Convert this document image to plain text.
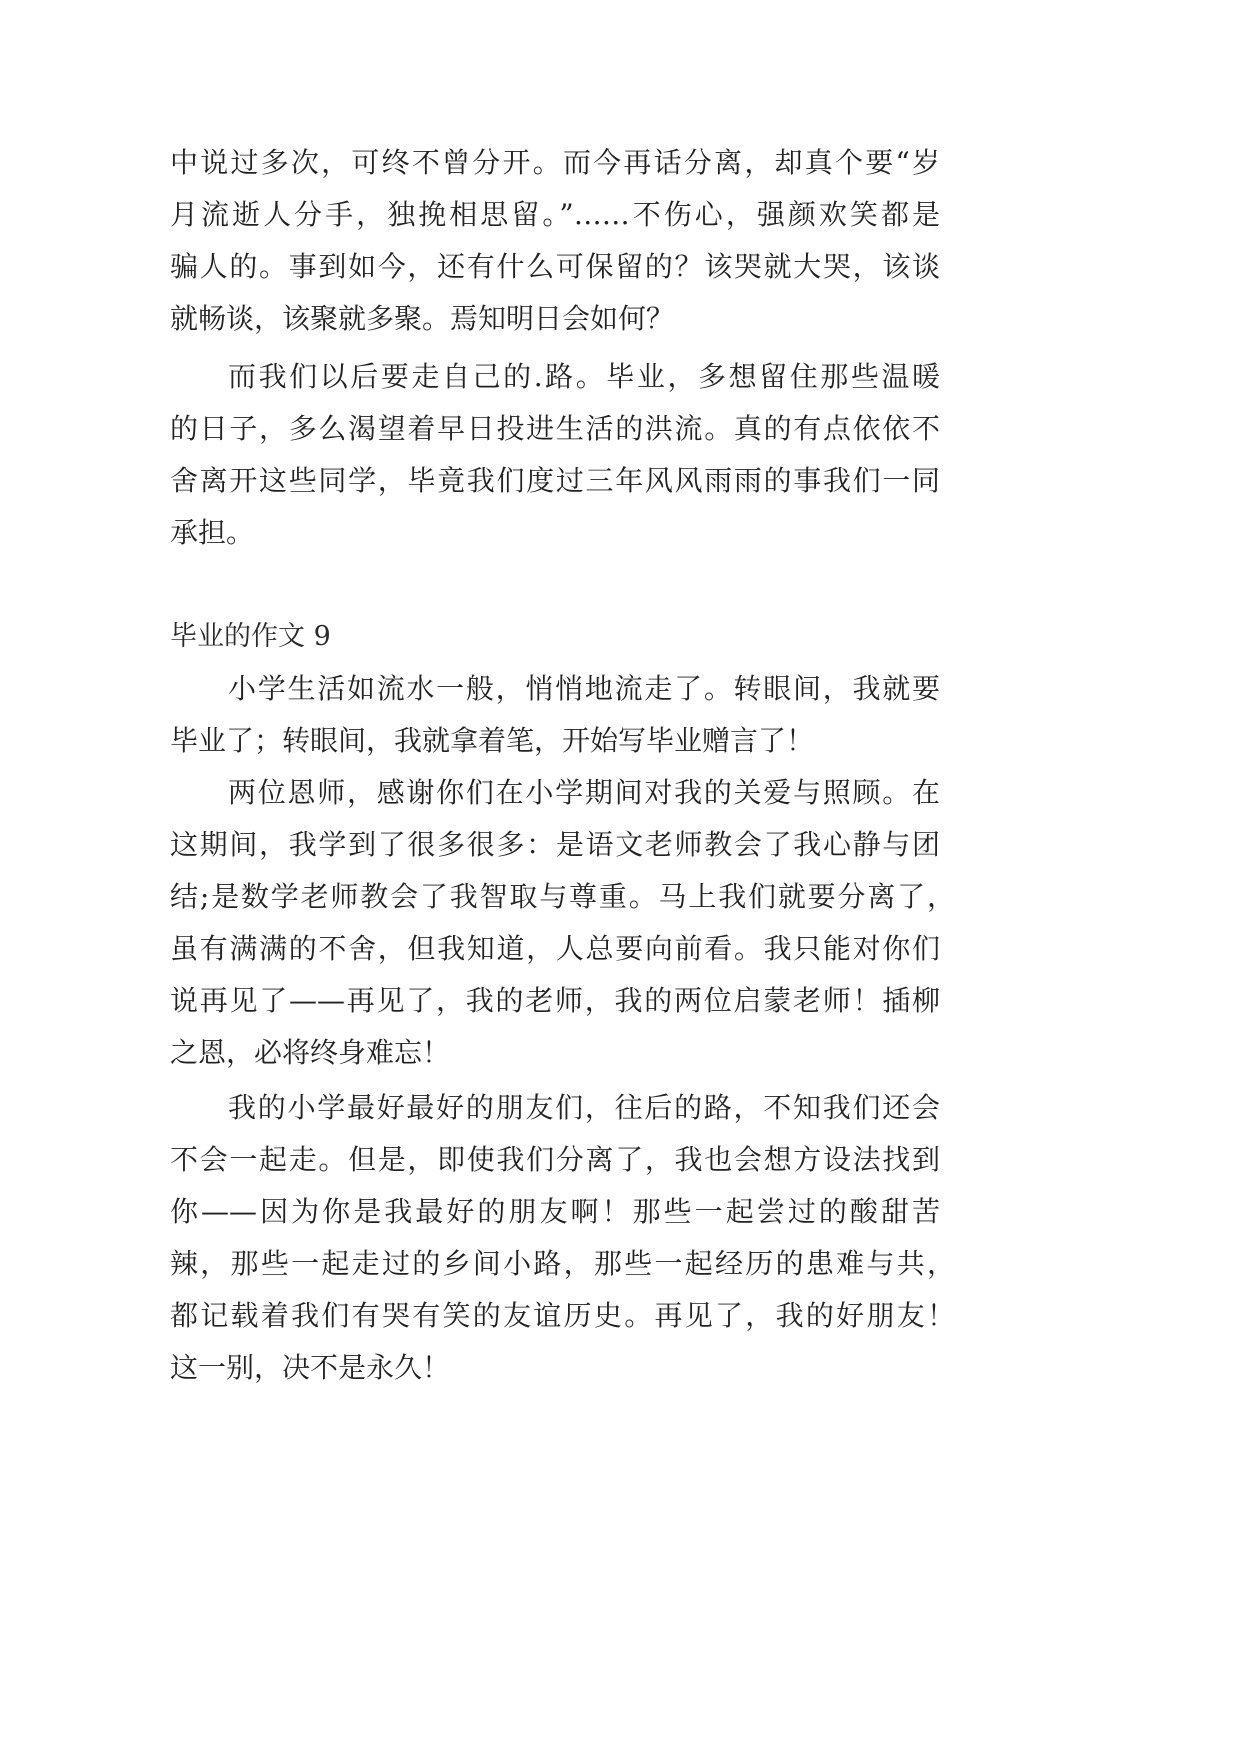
中说过多次，可终不曾分开。而今再话分离，却真个要“岁
月流逝人分手，独挽相思留。”……不伤心，强颜欢笑都是
骗人的。事到如今，还有什么可保留的？该哭就大哭，该谈
就畅谈，该聚就多聚。焉知明日会如何？
而我们以后要走自己的.路。毕业，多想留住那些温暖
的日子，多么渴望着早日投进生活的洪流。真的有点依依不
舍离开这些同学，毕竟我们度过三年风风雨雨的事我们一同
承担。
毕业的作文 9
小学生活如流水一般，悄悄地流走了。转眼间，我就要
毕业了；转眼间，我就拿着笔，开始写毕业赠言了！
两位恩师，感谢你们在小学期间对我的关爱与照顾。在
这期间，我学到了很多很多：是语文老师教会了我心静与团
结;是数学老师教会了我智取与尊重。马上我们就要分离了，
虽有满满的不舍，但我知道，人总要向前看。我只能对你们
说再见了——再见了，我的老师，我的两位启蒙老师！插柳
之恩，必将终身难忘！
我的小学最好最好的朋友们，往后的路，不知我们还会
不会一起走。但是，即使我们分离了，我也会想方设法找到
你——因为你是我最好的朋友啊！那些一起尝过的酸甜苦
辣，那些一起走过的乡间小路，那些一起经历的患难与共，
都记载着我们有哭有笑的友谊历史。再见了，我的好朋友！
这一别，决不是永久！
